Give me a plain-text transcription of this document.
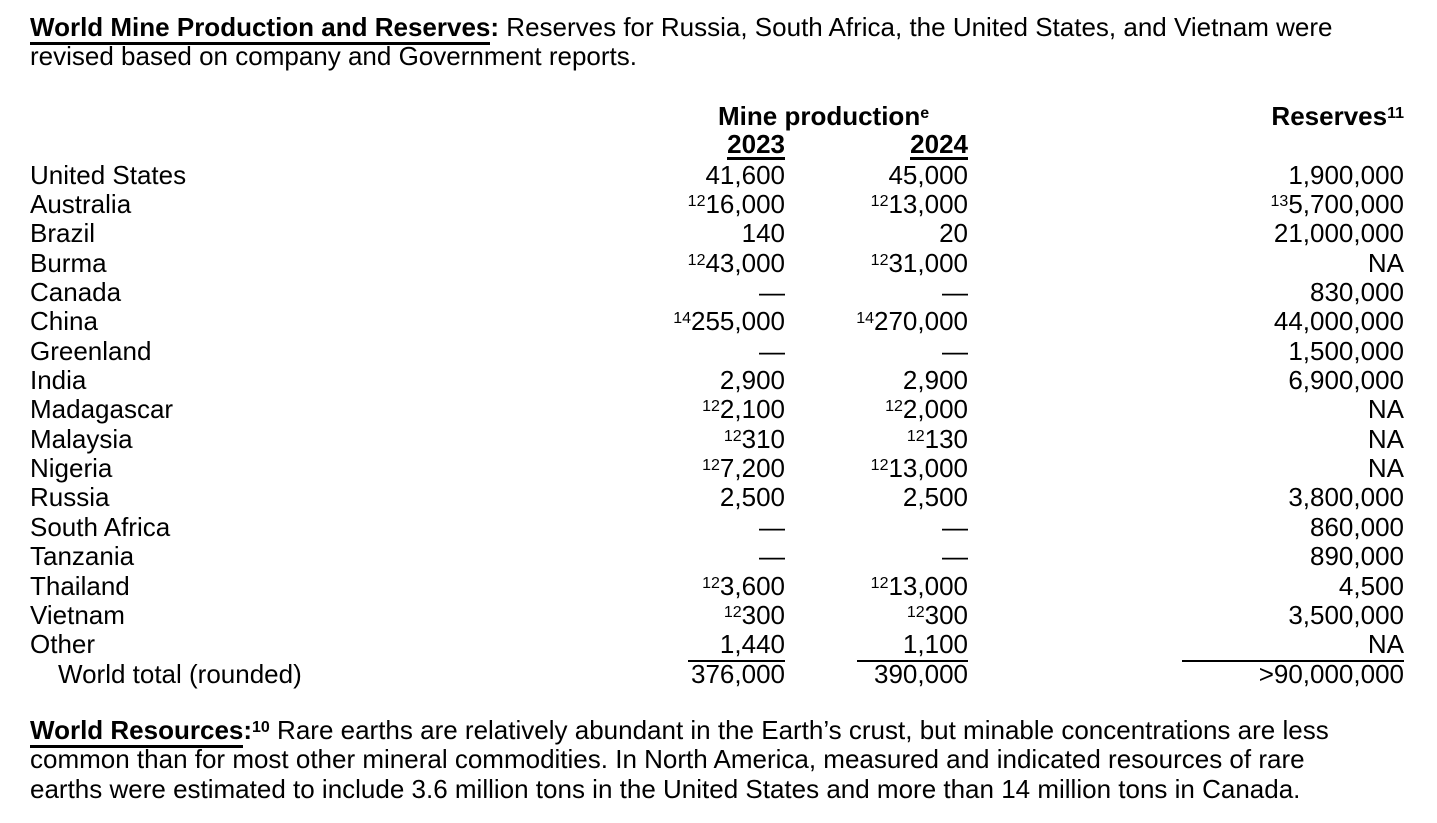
World Mine Production and Reserves: Reserves for Russia, South Africa, the United States, and Vietnam were
revised based on company and Government reports.
Mine production$^e$	Reserves$^{11}$
2023	2024
United States	41,600	45,000	1,900,000
Australia	$^{12}$16,000	$^{12}$13,000	$^{13}$5,700,000
Brazil	140	20	21,000,000
Burma	$^{12}$43,000	$^{12}$31,000	NA
Canada	—	—	830,000
China	$^{14}$255,000	$^{14}$270,000	44,000,000
Greenland	—	—	1,500,000
India	2,900	2,900	6,900,000
Madagascar	$^{12}$2,100	$^{12}$2,000	NA
Malaysia	$^{12}$310	$^{12}$130	NA
Nigeria	$^{12}$7,200	$^{12}$13,000	NA
Russia	2,500	2,500	3,800,000
South Africa	—	—	860,000
Tanzania	—	—	890,000
Thailand	$^{12}$3,600	$^{12}$13,000	4,500
Vietnam	$^{12}$300	$^{12}$300	3,500,000
Other	1,440	1,100	NA
World total (rounded)	376,000	390,000	>90,000,000
World Resources:$^{10}$ Rare earths are relatively abundant in the Earth’s crust, but minable concentrations are less
common than for most other mineral commodities. In North America, measured and indicated resources of rare
earths were estimated to include 3.6 million tons in the United States and more than 14 million tons in Canada.
